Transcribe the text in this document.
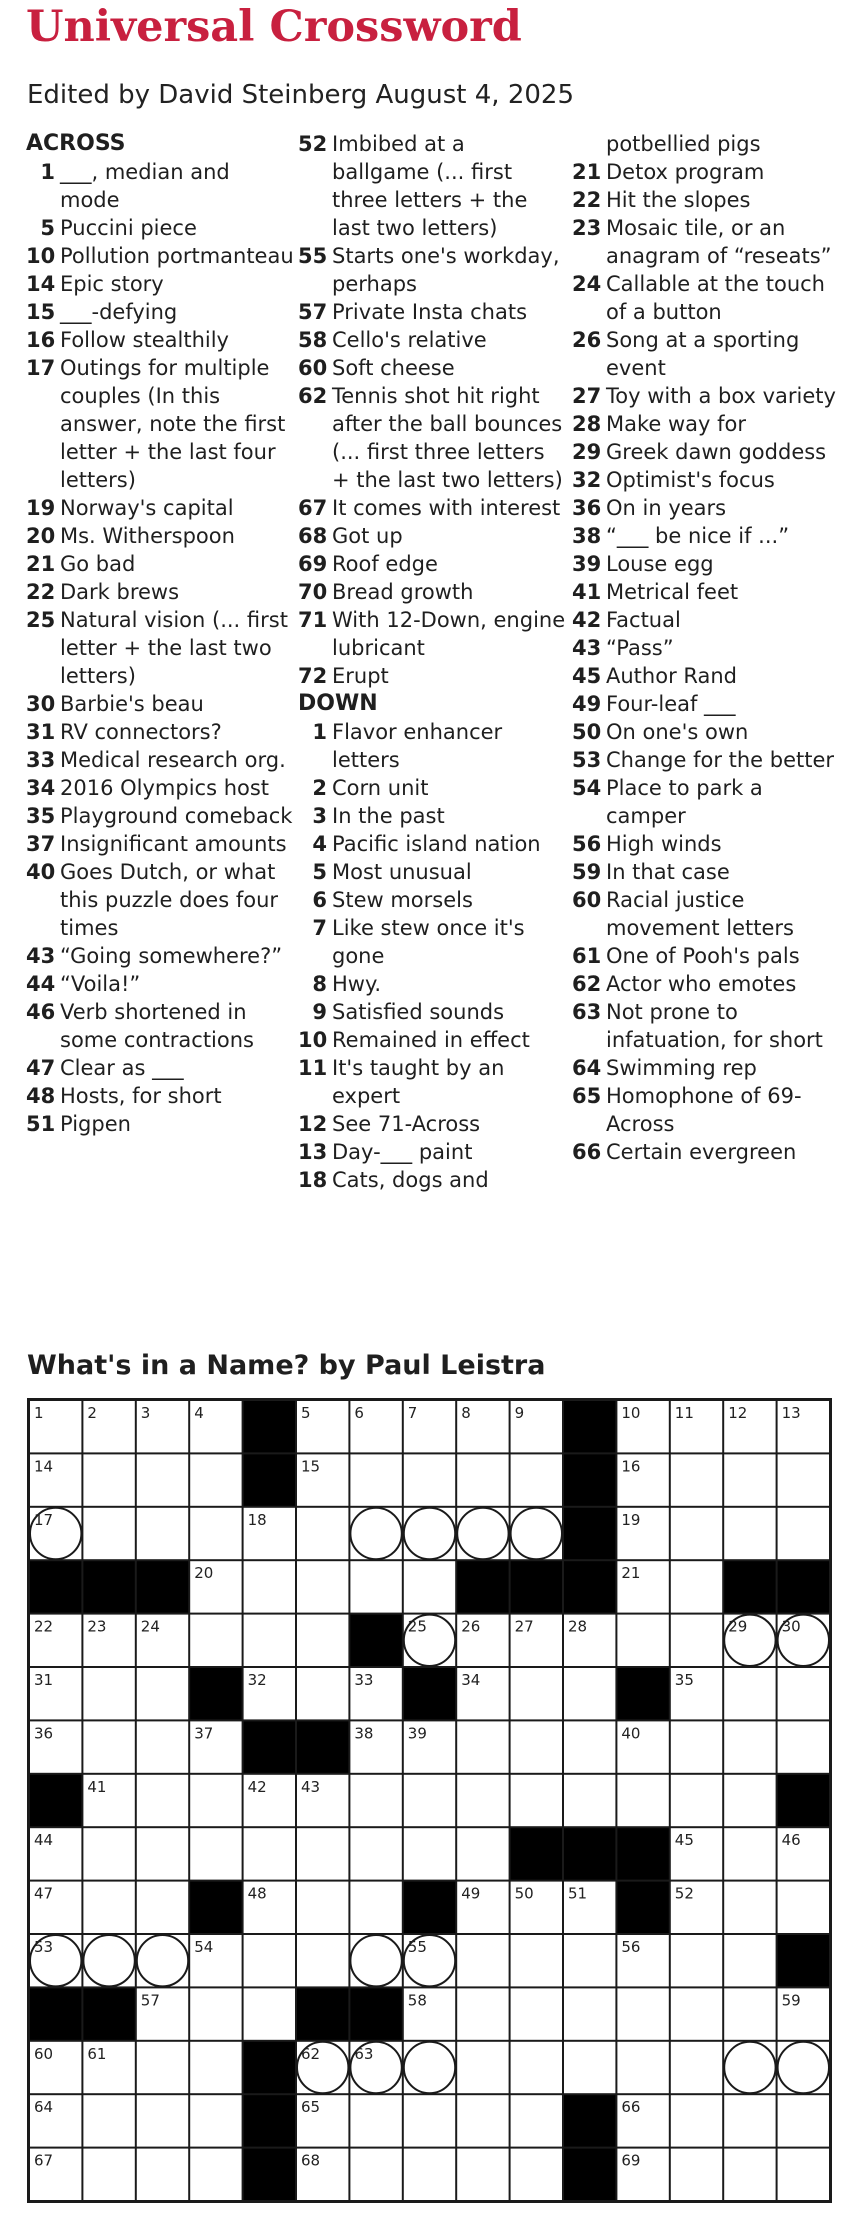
Universal Crossword
Edited by David Steinberg August 4, 2025
ACROSS
1 ___, median and mode
5 Puccini piece
10 Pollution portmanteau
14 Epic story
15 ___-defying
16 Follow stealthily
17 Outings for multiple couples (In this answer, note the first letter + the last four letters)
19 Norway's capital
20 Ms. Witherspoon
21 Go bad
22 Dark brews
25 Natural vision (... first letter + the last two letters)
30 Barbie's beau
31 RV connectors?
33 Medical research org.
34 2016 Olympics host
35 Playground comeback
37 Insignificant amounts
40 Goes Dutch, or what this puzzle does four times
43 “Going somewhere?”
44 “Voila!”
46 Verb shortened in some contractions
47 Clear as ___
48 Hosts, for short
51 Pigpen
52 Imbibed at a ballgame (... first three letters + the last two letters)
55 Starts one's workday, perhaps
57 Private Insta chats
58 Cello's relative
60 Soft cheese
62 Tennis shot hit right after the ball bounces (... first three letters + the last two letters)
67 It comes with interest
68 Got up
69 Roof edge
70 Bread growth
71 With 12-Down, engine lubricant
72 Erupt
DOWN
1 Flavor enhancer letters
2 Corn unit
3 In the past
4 Pacific island nation
5 Most unusual
6 Stew morsels
7 Like stew once it's gone
8 Hwy.
9 Satisfied sounds
10 Remained in effect
11 It's taught by an expert
12 See 71-Across
13 Day-___ paint
18 Cats, dogs and
potbellied pigs
21 Detox program
22 Hit the slopes
23 Mosaic tile, or an anagram of “reseats”
24 Callable at the touch of a button
26 Song at a sporting event
27 Toy with a box variety
28 Make way for
29 Greek dawn goddess
32 Optimist's focus
36 On in years
38 “___ be nice if ...”
39 Louse egg
41 Metrical feet
42 Factual
43 “Pass”
45 Author Rand
49 Four-leaf ___
50 On one's own
53 Change for the better
54 Place to park a camper
56 High winds
59 In that case
60 Racial justice movement letters
61 One of Pooh's pals
62 Actor who emotes
63 Not prone to infatuation, for short
64 Swimming rep
65 Homophone of 69-Across
66 Certain evergreen
What's in a Name? by Paul Leistra
1	2	3	4	5	6	7	8	9	10 11 12 13
14	15	16
17	18	19
20	21
22 23 24	25 26 27 28	29 30
31	32	33	34	35
36	37	38 39	40
41	42 43
44	45	46
47	48	49 50 51	52
53	54	55	56
57	58	59
60 61	62 63
64	65	66
67	68	69
